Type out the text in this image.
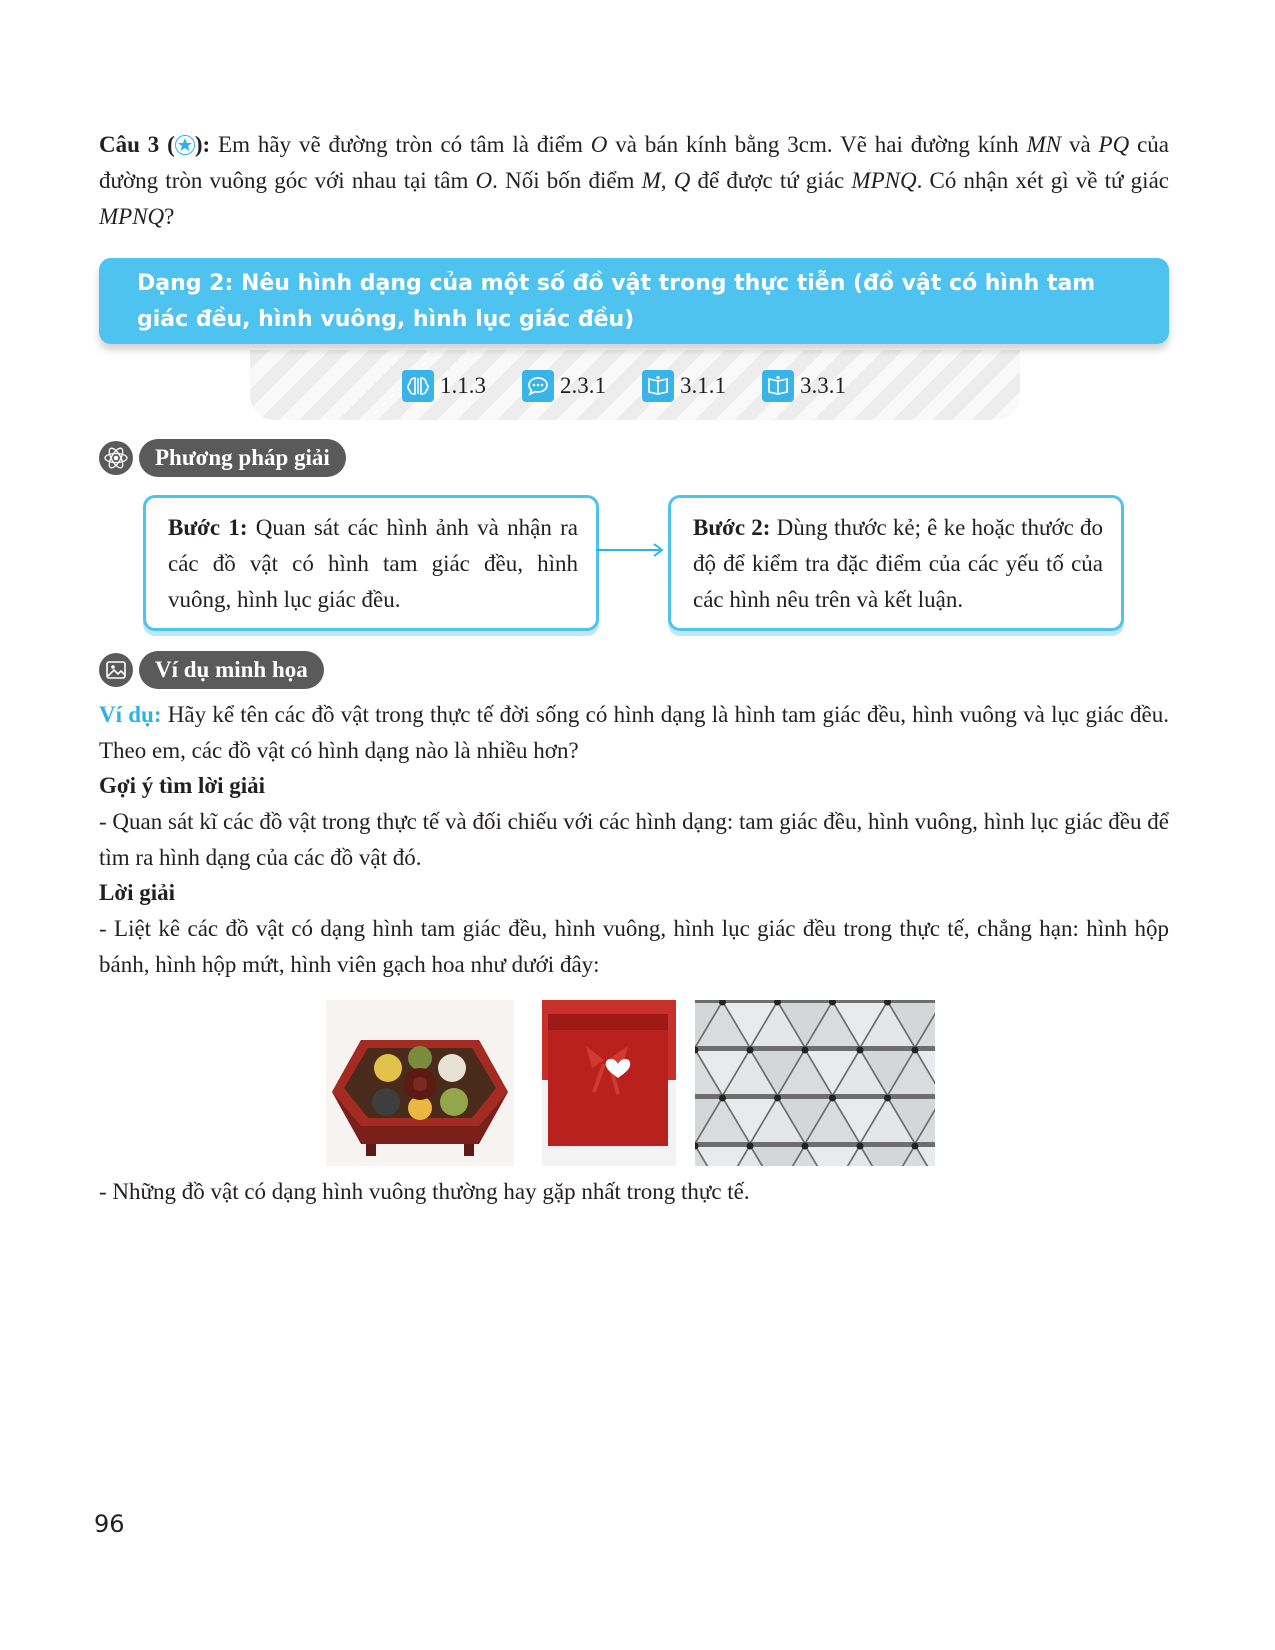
Câu 3 ( ): Em hãy vẽ đường tròn có tâm là điểm O và bán kính bằng 3cm. Vẽ hai đường kính MN và PQ của đường tròn vuông góc với nhau tại tâm O. Nối bốn điểm M, Q để được tứ giác MPNQ. Có nhận xét gì về tứ giác MPNQ?

1.1.3	2.3.1	3.1.1	3.3.1
Dạng 2: Nêu hình dạng của một số đồ vật trong thực tiễn (đồ vật có hình tam giác đều, hình vuông, hình lục giác đều)
Phương pháp giải

Bước 1: Quan sát các hình ảnh và nhận ra các đồ vật có hình tam giác đều, hình vuông, hình lục giác đều.

Bước 2: Dùng thước kẻ; ê ke hoặc thước đo độ để kiểm tra đặc điểm của các yếu tố của các hình nêu trên và kết luận.

Ví dụ minh họa

Ví dụ: Hãy kể tên các đồ vật trong thực tế đời sống có hình dạng là hình tam giác đều, hình vuông và lục giác đều. Theo em, các đồ vật có hình dạng nào là nhiều hơn?

Gợi ý tìm lời giải

- Quan sát kĩ các đồ vật trong thực tế và đối chiếu với các hình dạng: tam giác đều, hình vuông, hình lục giác đều để tìm ra hình dạng của các đồ vật đó.

Lời giải

- Liệt kê các đồ vật có dạng hình tam giác đều, hình vuông, hình lục giác đều trong thực tế, chẳng hạn: hình hộp bánh, hình hộp mứt, hình viên gạch hoa như dưới đây:

- Những đồ vật có dạng hình vuông thường hay gặp nhất trong thực tế.

96
